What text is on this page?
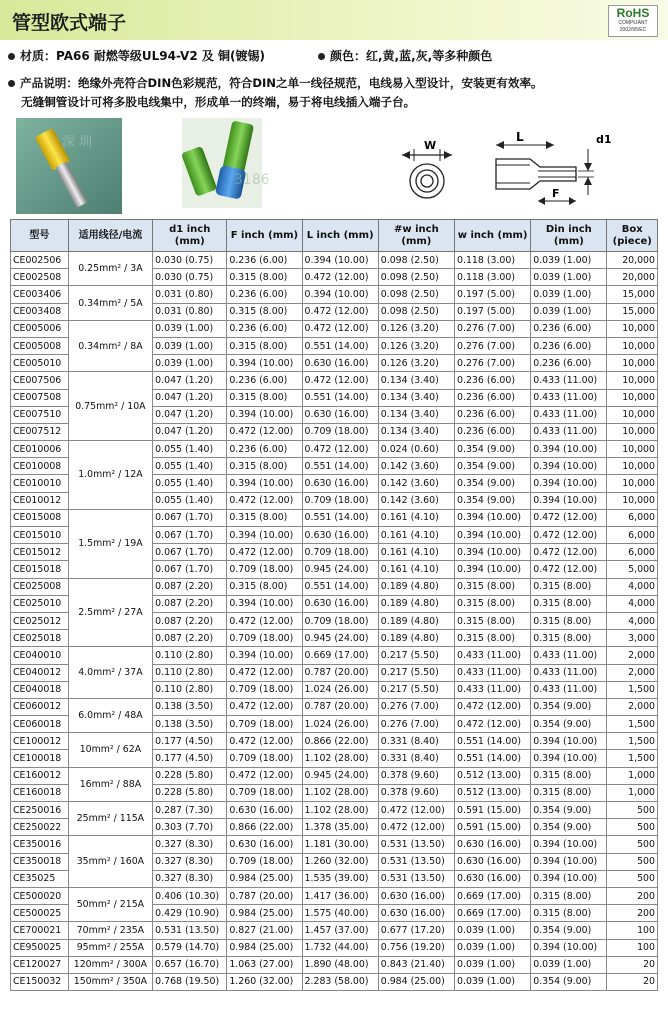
管型欧式端子	RoHS
COMPLIANT 2002/95/EC
材质：PA66 耐燃等级UL94-V2 及 铜(镀锡)	颜色：红,黄,蓝,灰,等多种颜色
产品说明：绝缘外壳符合DIN色彩规范，符合DIN之单一线径规范，电线易入型设计，安装更有效率。
无缝铜管设计可将多股电线集中，形成单一的终端，易于将电线插入端子台。
深 圳
3186
W
L
F
d1
型号	适用线径/电流	d1 inch (mm)	F inch (mm)	L inch (mm)	#w inch (mm)	w inch (mm)	Din inch (mm)	Box (piece)
CE002506	0.25mm² / 3A	0.030 (0.75)	0.236 (6.00)	0.394 (10.00)	0.098 (2.50)	0.118 (3.00)	0.039 (1.00)	20,000
CE002508		0.030 (0.75)	0.315 (8.00)	0.472 (12.00)	0.098 (2.50)	0.118 (3.00)	0.039 (1.00)	20,000
CE003406	0.34mm² / 5A	0.031 (0.80)	0.236 (6.00)	0.394 (10.00)	0.098 (2.50)	0.197 (5.00)	0.039 (1.00)	15,000
CE003408		0.031 (0.80)	0.315 (8.00)	0.472 (12.00)	0.098 (2.50)	0.197 (5.00)	0.039 (1.00)	15,000
CE005006	0.34mm² / 8A	0.039 (1.00)	0.236 (6.00)	0.472 (12.00)	0.126 (3.20)	0.276 (7.00)	0.236 (6.00)	10,000
CE005008		0.039 (1.00)	0.315 (8.00)	0.551 (14.00)	0.126 (3.20)	0.276 (7.00)	0.236 (6.00)	10,000
CE005010		0.039 (1.00)	0.394 (10.00)	0.630 (16.00)	0.126 (3.20)	0.276 (7.00)	0.236 (6.00)	10,000
CE007506	0.75mm² / 10A	0.047 (1.20)	0.236 (6.00)	0.472 (12.00)	0.134 (3.40)	0.236 (6.00)	0.433 (11.00)	10,000
CE007508		0.047 (1.20)	0.315 (8.00)	0.551 (14.00)	0.134 (3.40)	0.236 (6.00)	0.433 (11.00)	10,000
CE007510		0.047 (1.20)	0.394 (10.00)	0.630 (16.00)	0.134 (3.40)	0.236 (6.00)	0.433 (11.00)	10,000
CE007512		0.047 (1.20)	0.472 (12.00)	0.709 (18.00)	0.134 (3.40)	0.236 (6.00)	0.433 (11.00)	10,000
CE010006	1.0mm² / 12A	0.055 (1.40)	0.236 (6.00)	0.472 (12.00)	0.024 (0.60)	0.354 (9.00)	0.394 (10.00)	10,000
CE010008		0.055 (1.40)	0.315 (8.00)	0.551 (14.00)	0.142 (3.60)	0.354 (9.00)	0.394 (10.00)	10,000
CE010010		0.055 (1.40)	0.394 (10.00)	0.630 (16.00)	0.142 (3.60)	0.354 (9.00)	0.394 (10.00)	10,000
CE010012		0.055 (1.40)	0.472 (12.00)	0.709 (18.00)	0.142 (3.60)	0.354 (9.00)	0.394 (10.00)	10,000
CE015008	1.5mm² / 19A	0.067 (1.70)	0.315 (8.00)	0.551 (14.00)	0.161 (4.10)	0.394 (10.00)	0.472 (12.00)	6,000
CE015010		0.067 (1.70)	0.394 (10.00)	0.630 (16.00)	0.161 (4.10)	0.394 (10.00)	0.472 (12.00)	6,000
CE015012		0.067 (1.70)	0.472 (12.00)	0.709 (18.00)	0.161 (4.10)	0.394 (10.00)	0.472 (12.00)	6,000
CE015018		0.067 (1.70)	0.709 (18.00)	0.945 (24.00)	0.161 (4.10)	0.394 (10.00)	0.472 (12.00)	5,000
CE025008	2.5mm² / 27A	0.087 (2.20)	0.315 (8.00)	0.551 (14.00)	0.189 (4.80)	0.315 (8.00)	0.315 (8.00)	4,000
CE025010		0.087 (2.20)	0.394 (10.00)	0.630 (16.00)	0.189 (4.80)	0.315 (8.00)	0.315 (8.00)	4,000
CE025012		0.087 (2.20)	0.472 (12.00)	0.709 (18.00)	0.189 (4.80)	0.315 (8.00)	0.315 (8.00)	4,000
CE025018		0.087 (2.20)	0.709 (18.00)	0.945 (24.00)	0.189 (4.80)	0.315 (8.00)	0.315 (8.00)	3,000
CE040010	4.0mm² / 37A	0.110 (2.80)	0.394 (10.00)	0.669 (17.00)	0.217 (5.50)	0.433 (11.00)	0.433 (11.00)	2,000
CE040012		0.110 (2.80)	0.472 (12.00)	0.787 (20.00)	0.217 (5.50)	0.433 (11.00)	0.433 (11.00)	2,000
CE040018		0.110 (2.80)	0.709 (18.00)	1.024 (26.00)	0.217 (5.50)	0.433 (11.00)	0.433 (11.00)	1,500
CE060012	6.0mm² / 48A	0.138 (3.50)	0.472 (12.00)	0.787 (20.00)	0.276 (7.00)	0.472 (12.00)	0.354 (9.00)	2,000
CE060018		0.138 (3.50)	0.709 (18.00)	1.024 (26.00)	0.276 (7.00)	0.472 (12.00)	0.354 (9.00)	1,500
CE100012	10mm² / 62A	0.177 (4.50)	0.472 (12.00)	0.866 (22.00)	0.331 (8.40)	0.551 (14.00)	0.394 (10.00)	1,500
CE100018		0.177 (4.50)	0.709 (18.00)	1.102 (28.00)	0.331 (8.40)	0.551 (14.00)	0.394 (10.00)	1,500
CE160012	16mm² / 88A	0.228 (5.80)	0.472 (12.00)	0.945 (24.00)	0.378 (9.60)	0.512 (13.00)	0.315 (8.00)	1,000
CE160018		0.228 (5.80)	0.709 (18.00)	1.102 (28.00)	0.378 (9.60)	0.512 (13.00)	0.315 (8.00)	1,000
CE250016	25mm² / 115A	0.287 (7.30)	0.630 (16.00)	1.102 (28.00)	0.472 (12.00)	0.591 (15.00)	0.354 (9.00)	500
CE250022		0.303 (7.70)	0.866 (22.00)	1.378 (35.00)	0.472 (12.00)	0.591 (15.00)	0.354 (9.00)	500
CE350016	35mm² / 160A	0.327 (8.30)	0.630 (16.00)	1.181 (30.00)	0.531 (13.50)	0.630 (16.00)	0.394 (10.00)	500
CE350018		0.327 (8.30)	0.709 (18.00)	1.260 (32.00)	0.531 (13.50)	0.630 (16.00)	0.394 (10.00)	500
CE35025		0.327 (8.30)	0.984 (25.00)	1.535 (39.00)	0.531 (13.50)	0.630 (16.00)	0.394 (10.00)	500
CE500020	50mm² / 215A	0.406 (10.30)	0.787 (20.00)	1.417 (36.00)	0.630 (16.00)	0.669 (17.00)	0.315 (8.00)	200
CE500025		0.429 (10.90)	0.984 (25.00)	1.575 (40.00)	0.630 (16.00)	0.669 (17.00)	0.315 (8.00)	200
CE700021	70mm² / 235A	0.531 (13.50)	0.827 (21.00)	1.457 (37.00)	0.677 (17.20)	0.039 (1.00)	0.354 (9.00)	100
CE950025	95mm² / 255A	0.579 (14.70)	0.984 (25.00)	1.732 (44.00)	0.756 (19.20)	0.039 (1.00)	0.394 (10.00)	100
CE120027	120mm² / 300A	0.657 (16.70)	1.063 (27.00)	1.890 (48.00)	0.843 (21.40)	0.039 (1.00)	0.039 (1.00)	20
CE150032	150mm² / 350A	0.768 (19.50)	1.260 (32.00)	2.283 (58.00)	0.984 (25.00)	0.039 (1.00)	0.354 (9.00)	20
